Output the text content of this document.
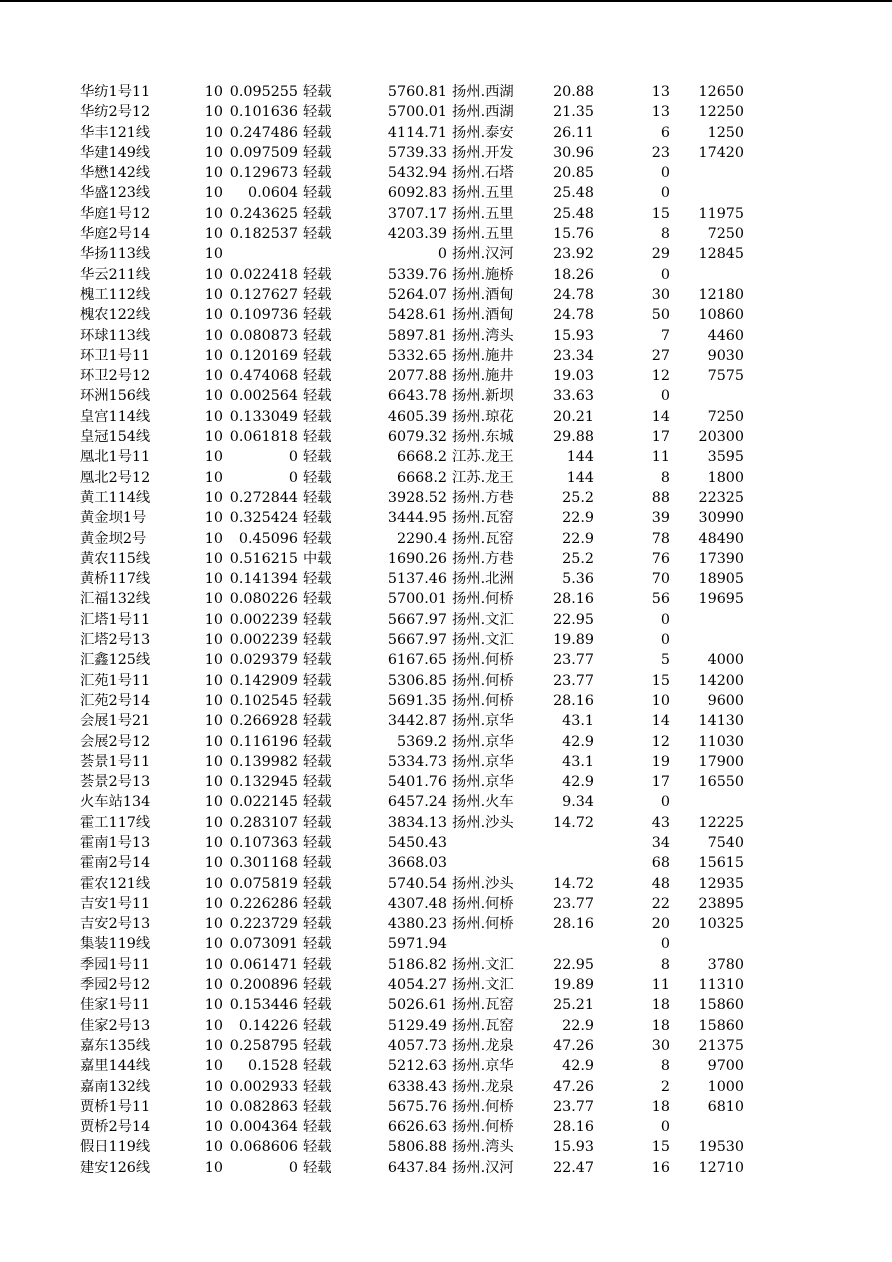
华纺1号11	10 0.095255 轻载	5760.81 扬州.西湖	20.88	13	12650
华纺2号12	10 0.101636 轻载	5700.01 扬州.西湖	21.35	13	12250
华丰121线	10 0.247486 轻载	4114.71 扬州.泰安	26.11	6	1250
华建149线	10 0.097509 轻载	5739.33 扬州.开发	30.96	23	17420
华懋142线	10 0.129673 轻载	5432.94 扬州.石塔	20.85	0
华盛123线	10	0.0604 轻载	6092.83 扬州.五里	25.48	0
华庭1号12	10 0.243625 轻载	3707.17 扬州.五里	25.48	15	11975
华庭2号14	10 0.182537 轻载	4203.39 扬州.五里	15.76	8	7250
华扬113线	10	0 扬州.汉河	23.92	29	12845
华云211线	10 0.022418 轻载	5339.76 扬州.施桥	18.26	0
槐工112线	10 0.127627 轻载	5264.07 扬州.酒甸	24.78	30	12180
槐农122线	10 0.109736 轻载	5428.61 扬州.酒甸	24.78	50	10860
环球113线	10 0.080873 轻载	5897.81 扬州.湾头	15.93	7	4460
环卫1号11	10 0.120169 轻载	5332.65 扬州.施井	23.34	27	9030
环卫2号12	10 0.474068 轻载	2077.88 扬州.施井	19.03	12	7575
环洲156线	10 0.002564 轻载	6643.78 扬州.新坝	33.63	0
皇宫114线	10 0.133049 轻载	4605.39 扬州.琼花	20.21	14	7250
皇冠154线	10 0.061818 轻载	6079.32 扬州.东城	29.88	17	20300
凰北1号11	10	0 轻载	6668.2 江苏.龙王	144	11	3595
凰北2号12	10	0 轻载	6668.2 江苏.龙王	144	8	1800
黄工114线	10 0.272844 轻载	3928.52 扬州.方巷	25.2	88	22325
黄金坝1号	10 0.325424 轻载	3444.95 扬州.瓦窑	22.9	39	30990
黄金坝2号	10	0.45096 轻载	2290.4 扬州.瓦窑	22.9	78	48490
黄农115线	10 0.516215 中载	1690.26 扬州.方巷	25.2	76	17390
黄桥117线	10 0.141394 轻载	5137.46 扬州.北洲	5.36	70	18905
汇福132线	10 0.080226 轻载	5700.01 扬州.何桥	28.16	56	19695
汇塔1号11	10 0.002239 轻载	5667.97 扬州.文汇	22.95	0
汇塔2号13	10 0.002239 轻载	5667.97 扬州.文汇	19.89	0
汇鑫125线	10 0.029379 轻载	6167.65 扬州.何桥	23.77	5	4000
汇苑1号11	10 0.142909 轻载	5306.85 扬州.何桥	23.77	15	14200
汇苑2号14	10 0.102545 轻载	5691.35 扬州.何桥	28.16	10	9600
会展1号21	10 0.266928 轻载	3442.87 扬州.京华	43.1	14	14130
会展2号12	10 0.116196 轻载	5369.2 扬州.京华	42.9	12	11030
荟景1号11	10 0.139982 轻载	5334.73 扬州.京华	43.1	19	17900
荟景2号13	10 0.132945 轻载	5401.76 扬州.京华	42.9	17	16550
火车站134	10 0.022145 轻载	6457.24 扬州.火车	9.34	0
霍工117线	10 0.283107 轻载	3834.13 扬州.沙头	14.72	43	12225
霍南1号13	10 0.107363 轻载	5450.43	34	7540
霍南2号14	10 0.301168 轻载	3668.03	68	15615
霍农121线	10 0.075819 轻载	5740.54 扬州.沙头	14.72	48	12935
吉安1号11	10 0.226286 轻载	4307.48 扬州.何桥	23.77	22	23895
吉安2号13	10 0.223729 轻载	4380.23 扬州.何桥	28.16	20	10325
集装119线	10 0.073091 轻载	5971.94	0
季园1号11	10 0.061471 轻载	5186.82 扬州.文汇	22.95	8	3780
季园2号12	10 0.200896 轻载	4054.27 扬州.文汇	19.89	11	11310
佳家1号11	10 0.153446 轻载	5026.61 扬州.瓦窑	25.21	18	15860
佳家2号13	10	0.14226 轻载	5129.49 扬州.瓦窑	22.9	18	15860
嘉东135线	10 0.258795 轻载	4057.73 扬州.龙泉	47.26	30	21375
嘉里144线	10	0.1528 轻载	5212.63 扬州.京华	42.9	8	9700
嘉南132线	10 0.002933 轻载	6338.43 扬州.龙泉	47.26	2	1000
贾桥1号11	10 0.082863 轻载	5675.76 扬州.何桥	23.77	18	6810
贾桥2号14	10 0.004364 轻载	6626.63 扬州.何桥	28.16	0
假日119线	10 0.068606 轻载	5806.88 扬州.湾头	15.93	15	19530
建安126线	10	0 轻载	6437.84 扬州.汉河	22.47	16	12710
